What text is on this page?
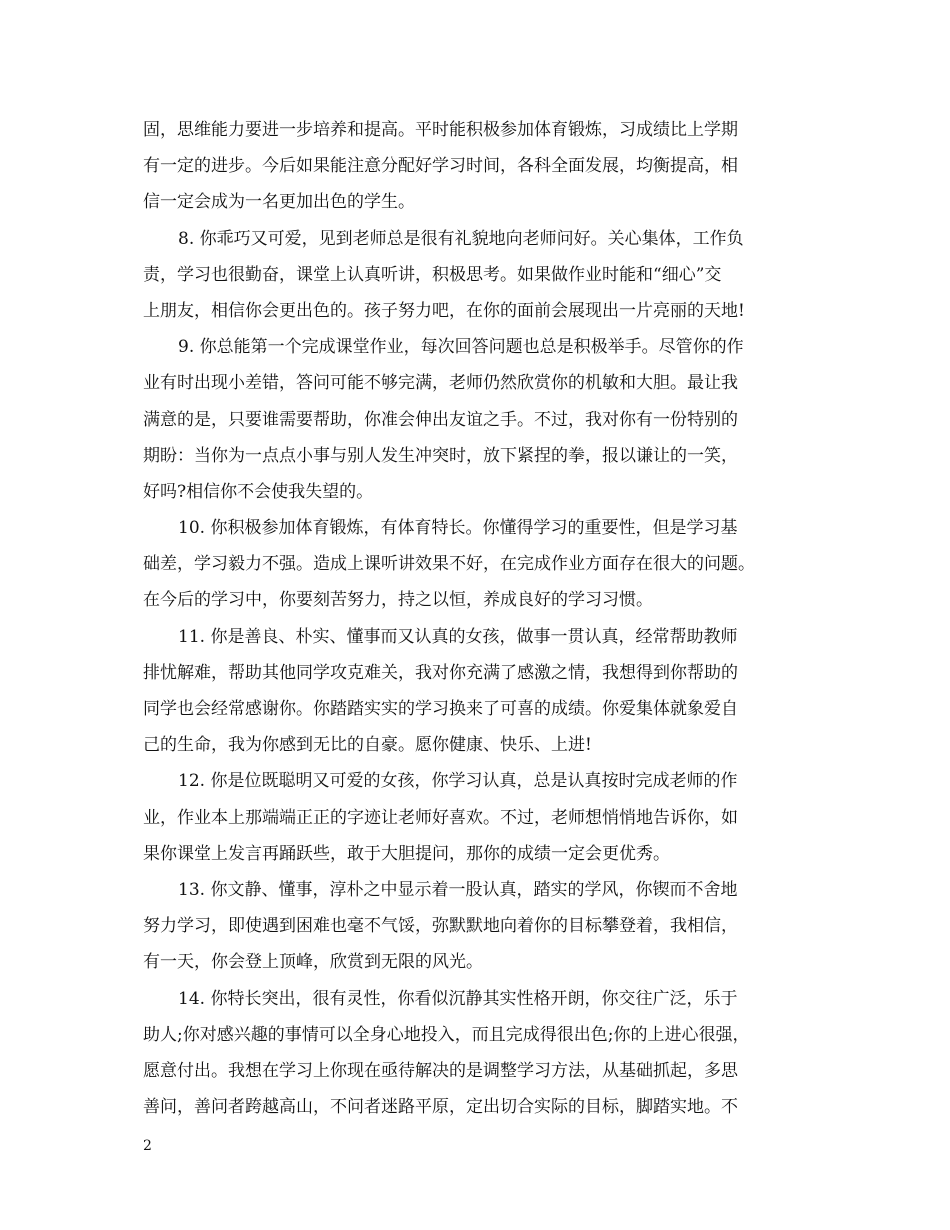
固，思维能力要进一步培养和提高。平时能积极参加体育锻炼，习成绩比上学期
有一定的进步。今后如果能注意分配好学习时间，各科全面发展，均衡提高，相
信一定会成为一名更加出色的学生。
8. 你乖巧又可爱，见到老师总是很有礼貌地向老师问好。关心集体，工作负
责，学习也很勤奋，课堂上认真听讲，积极思考。如果做作业时能和“细心”交
上朋友，相信你会更出色的。孩子努力吧，在你的面前会展现出一片亮丽的天地!
9. 你总能第一个完成课堂作业，每次回答问题也总是积极举手。尽管你的作
业有时出现小差错，答问可能不够完满，老师仍然欣赏你的机敏和大胆。最让我
满意的是，只要谁需要帮助，你准会伸出友谊之手。不过，我对你有一份特别的
期盼：当你为一点点小事与别人发生冲突时，放下紧捏的拳，报以谦让的一笑，
好吗?相信你不会使我失望的。
10. 你积极参加体育锻炼，有体育特长。你懂得学习的重要性，但是学习基
础差，学习毅力不强。造成上课听讲效果不好，在完成作业方面存在很大的问题。
在今后的学习中，你要刻苦努力，持之以恒，养成良好的学习习惯。
11. 你是善良、朴实、懂事而又认真的女孩，做事一贯认真，经常帮助教师
排忧解难，帮助其他同学攻克难关，我对你充满了感激之情，我想得到你帮助的
同学也会经常感谢你。你踏踏实实的学习换来了可喜的成绩。你爱集体就象爱自
己的生命，我为你感到无比的自豪。愿你健康、快乐、上进!
12. 你是位既聪明又可爱的女孩，你学习认真，总是认真按时完成老师的作
业，作业本上那端端正正的字迹让老师好喜欢。不过，老师想悄悄地告诉你，如
果你课堂上发言再踊跃些，敢于大胆提问，那你的成绩一定会更优秀。
13. 你文静、懂事，淳朴之中显示着一股认真，踏实的学风，你锲而不舍地
努力学习，即使遇到困难也毫不气馁，弥默默地向着你的目标攀登着，我相信，
有一天，你会登上顶峰，欣赏到无限的风光。
14. 你特长突出，很有灵性，你看似沉静其实性格开朗，你交往广泛，乐于
助人;你对感兴趣的事情可以全身心地投入，而且完成得很出色;你的上进心很强，
愿意付出。我想在学习上你现在亟待解决的是调整学习方法，从基础抓起，多思
善问，善问者跨越高山，不问者迷路平原，定出切合实际的目标，脚踏实地。不
2
